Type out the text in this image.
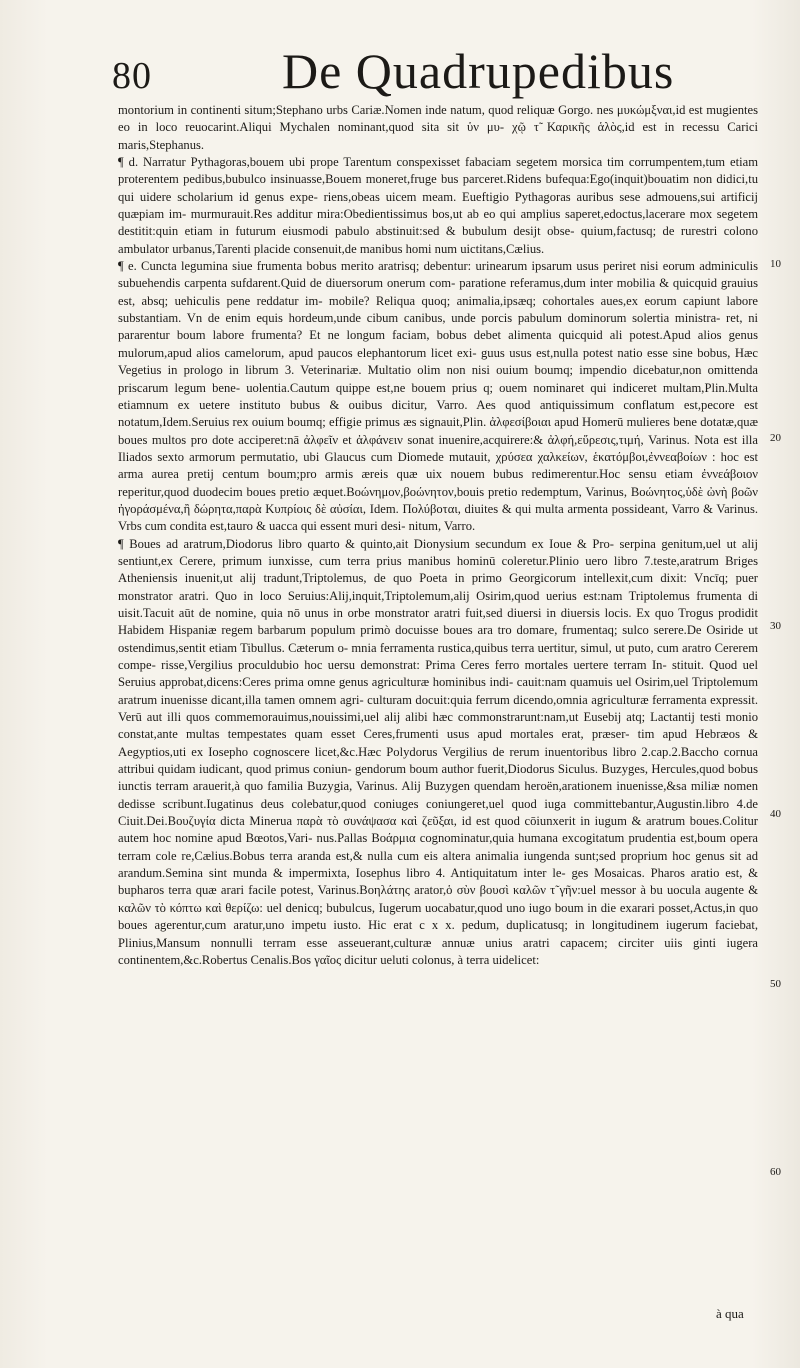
80	De Quadrupedibus

montorium in continenti situm;Stephano urbs Cariæ.Nomen inde natum, quod reliquæ Gorgo. nes μυκώμξναι,id est mugientes eo in loco reuocarint.Aliqui Mychalen nominant,quod sita sit ὑν μυ- χῷ τ̃ Καρικῆς ἁλὸς,id est in recessu Carici maris,Stephanus.

¶ d. Narratur Pythagoras,bouem ubi prope Tarentum conspexisset fabaciam segetem morsica tim corrumpentem,tum etiam proterentem pedibus,bubulco insinuasse,Bouem moneret,fruge bus parceret.Ridens bufequa:Ego(inquit)bouatim non didici,tu qui uidere scholarium id genus expe- riens,obeas uicem meam. Eueftigio Pythagoras auribus sese admouens,sui artificij quæpiam im- murmurauit.Res additur mira:Obedientissimus bos,ut ab eo qui amplius saperet,edoctus,lacerare mox segetem destitit:quin etiam in futurum eiusmodi pabulo abstinuit:sed & bubulum desijt obse- quium,factusq; de rurestri colono ambulator urbanus,Tarenti placide consenuit,de manibus homi num uictitans,Cælius.

¶ e. Cuncta legumina siue frumenta bobus merito aratrisq; debentur: urinearum ipsarum usus periret nisi eorum adminiculis subuehendis carpenta sufdarent.Quid de diuersorum onerum com- paratione referamus,dum inter mobilia & quicquid grauius est, absq; uehiculis pene reddatur im- mobile? Reliqua quoq; animalia,ipsæq; cohortales aues,ex eorum capiunt labore substantiam. Vn de enim equis hordeum,unde cibum canibus, unde porcis pabulum dominorum solertia ministra- ret, ni pararentur boum labore frumenta? Et ne longum faciam, bobus debet alimenta quicquid ali potest.Apud alios genus mulorum,apud alios camelorum, apud paucos elephantorum licet exi- guus usus est,nulla potest natio esse sine bobus, Hæc Vegetius in prologo in librum 3. Veterinariæ. Multatio olim non nisi ouium boumq; impendio dicebatur,non omittenda priscarum legum bene- uolentia.Cautum quippe est,ne bouem prius q; ouem nominaret qui indiceret multam,Plin.Multa etiamnum ex uetere instituto bubus & ouibus dicitur, Varro. Aes quod antiquissimum conflatum est,pecore est notatum,Idem.Seruius rex ouium boumq; effigie primus æs signauit,Plin. ἀλφεσίβοιαι apud Homerū mulieres bene dotatæ,quæ boues multos pro dote acciperet:nā ἀλφεῖν et ἀλφάνειν sonat inuenire,acquirere:& ἀλφή,εὕρεσις,τιμή, Varinus. Nota est illa Iliados sexto armorum permutatio, ubi Glaucus cum Diomede mutauit, χρύσεα χαλκείων, ἑκατόμβοι,ἐννεαβοίων : hoc est arma aurea pretij centum boum;pro armis æreis quæ uix nouem bubus redimerentur.Hoc sensu etiam ἐννεάβοιον reperitur,quod duodecim boues pretio æquet.Βοώνημον,βοώνητον,bouis pretio redemptum, Varinus, Βοώνητος,ὑδὲ ὠνὴ βοῶν ἠγοράσμένα,ἢ δώρητα,παρὰ Κυπρίοις δὲ αὐσίαι, Idem. Πολύβοται, diuites & qui multa armenta possideant, Varro & Varinus. Vrbs cum condita est,tauro & uacca qui essent muri desi- nitum, Varro.

¶ Boues ad aratrum,Diodorus libro quarto & quinto,ait Dionysium secundum ex Ioue & Pro- serpina genitum,uel ut alij sentiunt,ex Cerere, primum iunxisse, cum terra prius manibus hominū coleretur.Plinio uero libro 7.teste,aratrum Briges Atheniensis inuenit,ut alij tradunt,Triptolemus, de quo Poeta in primo Georgicorum intellexit,cum dixit: Vncīq; puer monstrator aratri. Quo in loco Seruius:Alij,inquit,Triptolemum,alij Osirim,quod uerius est:nam Triptolemus frumenta di uisit.Tacuit aūt de nomine, quia nō unus in orbe monstrator aratri fuit,sed diuersi in diuersis locis. Ex quo Trogus prodidit Habidem Hispaniæ regem barbarum populum primò docuisse boues ara tro domare, frumentaq; sulco serere.De Osiride ut ostendimus,sentit etiam Tibullus. Cæterum o- mnia ferramenta rustica,quibus terra uertitur, simul, ut puto, cum aratro Cererem compe- risse,Vergilius proculdubio hoc uersu demonstrat: Prima Ceres ferro mortales uertere terram In- stituit. Quod uel Seruius approbat,dicens:Ceres prima omne genus agriculturæ hominibus indi- cauit:nam quamuis uel Osirim,uel Triptolemum aratrum inuenisse dicant,illa tamen omnem agri- culturam docuit:quia ferrum dicendo,omnia agriculturæ ferramenta expressit. Verū aut illi quos commemorauimus,nouissimi,uel alij alibi hæc commonstrarunt:nam,ut Eusebij atq; Lactantij testi monio constat,ante multas tempestates quam esset Ceres,frumenti usus apud mortales erat, præser- tim apud Hebræos & Aegyptios,uti ex Iosepho cognoscere licet,&c.Hæc Polydorus Vergilius de rerum inuentoribus libro 2.cap.2.Baccho cornua attribui quidam iudicant, quod primus coniun- gendorum boum author fuerit,Diodorus Siculus. Buzyges, Hercules,quod bobus iunctis terram arauerit,à quo familia Buzygia, Varinus. Alij Buzygen quendam heroën,arationem inuenisse,&sa miliæ nomen dedisse scribunt.Iugatinus deus colebatur,quod coniuges coniungeret,uel quod iuga committebantur,Augustin.libro 4.de Ciuit.Dei.Βουζυγία dicta Minerua παρὰ τὸ συνάψασα καὶ ζεῦξαι, id est quod cōiunxerit in iugum & aratrum boues.Colitur autem hoc nomine apud Bœotos,Vari- nus.Pallas Βοάρμια cognominatur,quia humana excogitatum prudentia est,boum opera terram cole re,Cælius.Bobus terra aranda est,& nulla cum eis altera animalia iungenda sunt;sed proprium hoc genus sit ad arandum.Semina sint munda & impermixta, Iosephus libro 4. Antiquitatum inter le- ges Mosaicas. Pharos aratio est, & bupharos terra quæ arari facile potest, Varinus.Βοηλάτης arator,ὁ σὺν βουσὶ καλῶν τ̃ γῆν:uel messor à bu uocula augente & καλῶν τὸ κόπτω καὶ θερίζω: uel denicq; bubulcus, Iugerum uocabatur,quod uno iugo boum in die exarari posset,Actus,in quo boues agerentur,cum aratur,uno impetu iusto. Hic erat c x x. pedum, duplicatusq; in longitudinem iugerum faciebat, Plinius,Mansum nonnulli terram esse asseuerant,culturæ annuæ unius aratri capacem; circiter uiis ginti iugera continentem,&c.Robertus Cenalis.Bos γαῖος dicitur ueluti colonus, à terra uidelicet:

10
20
30
40
50
60
à qua
